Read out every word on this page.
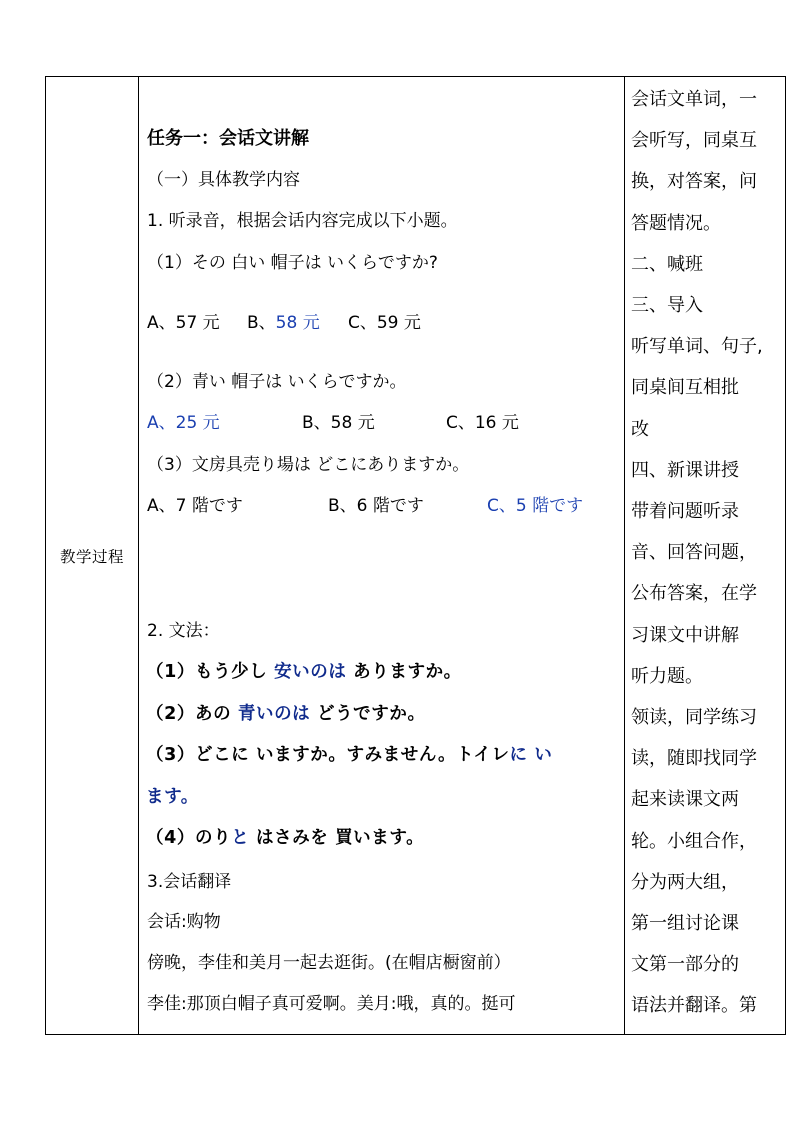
教学过程	
任务一：会话文讲解
（一）具体教学内容
1. 听录音，根据会话内容完成以下小题。
（1）その 白い 帽子は いくらですか?
A、57 元 B、58 元 C、59 元
（2）青い 帽子は いくらですか。
A、25 元	B、58 元	C、16 元
（3）文房具売り場は どこにありますか。
A、7 階です	B、6 階です	C、5 階です
2. 文法：
（1）もう少し 安いのは ありますか。
（2）あの 青いのは どうですか。
（3）どこに いますか。すみません。トイレに い
ます。
（4）のりと はさみを 買います。
3.会话翻译
会话:购物
傍晚，李佳和美月一起去逛街。(在帽店橱窗前）
李佳:那顶白帽子真可爱啊。美月:哦，真的。挺可

会话文单词，一
会听写，同桌互
换，对答案，问
答题情况。
二、喊班
三、导入
听写单词、句子,
同桌间互相批
改
四、新课讲授
带着问题听录
音、回答问题，
公布答案，在学
习课文中讲解
听力题。
领读，同学练习
读，随即找同学
起来读课文两
轮。小组合作，
分为两大组，
第一组讨论课
文第一部分的
语法并翻译。第
